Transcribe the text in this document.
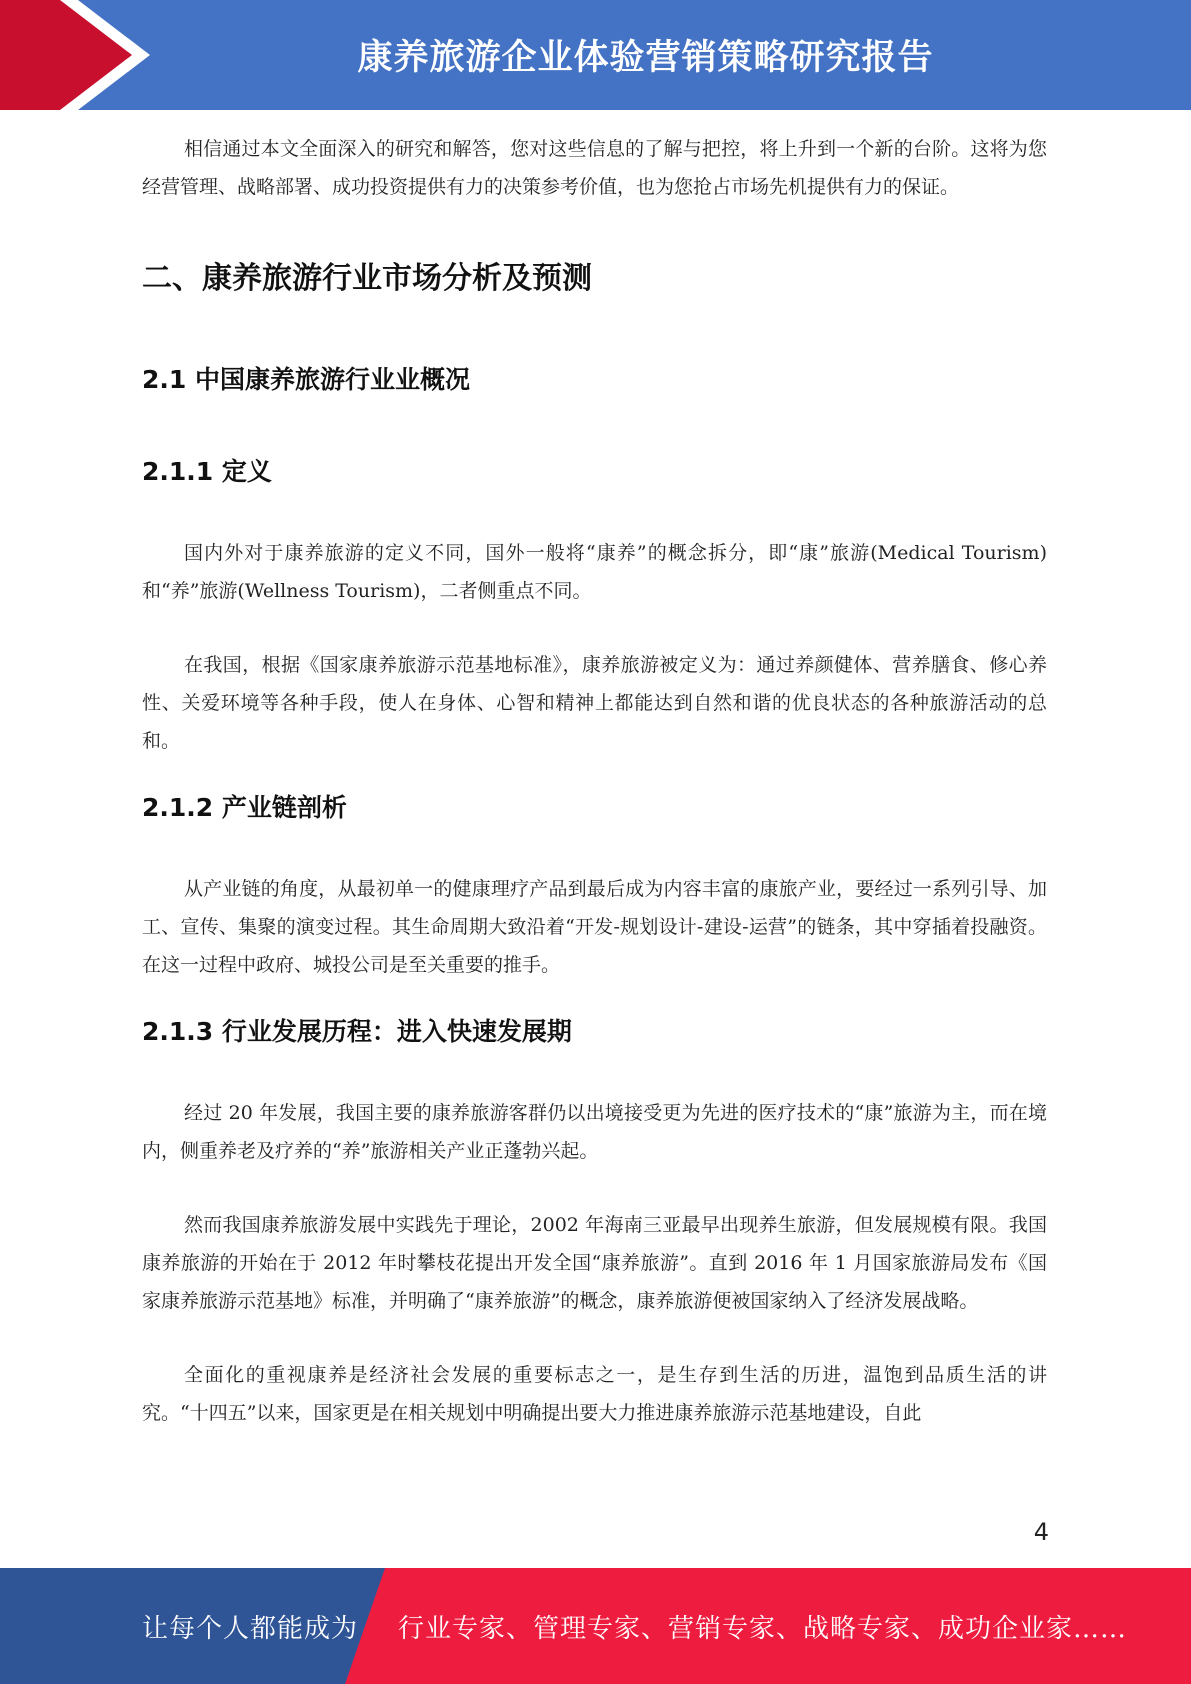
康养旅游企业体验营销策略研究报告

相信通过本文全面深入的研究和解答，您对这些信息的了解与把控，将上升到一个新的台阶。这将为您经营管理、战略部署、成功投资提供有力的决策参考价值，也为您抢占市场先机提供有力的保证。

二、康养旅游行业市场分析及预测
2.1 中国康养旅游行业业概况
2.1.1 定义

国内外对于康养旅游的定义不同，国外一般将“康养”的概念拆分，即“康”旅游(Medical Tourism)和“养”旅游(Wellness Tourism)，二者侧重点不同。

在我国，根据《国家康养旅游示范基地标准》，康养旅游被定义为：通过养颜健体、营养膳食、修心养性、关爱环境等各种手段，使人在身体、心智和精神上都能达到自然和谐的优良状态的各种旅游活动的总和。

2.1.2 产业链剖析

从产业链的角度，从最初单一的健康理疗产品到最后成为内容丰富的康旅产业，要经过一系列引导、加工、宣传、集聚的演变过程。其生命周期大致沿着“开发-规划设计-建设-运营”的链条，其中穿插着投融资。在这一过程中政府、城投公司是至关重要的推手。

2.1.3 行业发展历程：进入快速发展期

经过 20 年发展，我国主要的康养旅游客群仍以出境接受更为先进的医疗技术的“康”旅游为主，而在境内，侧重养老及疗养的“养”旅游相关产业正蓬勃兴起。

然而我国康养旅游发展中实践先于理论，2002 年海南三亚最早出现养生旅游，但发展规模有限。我国康养旅游的开始在于 2012 年时攀枝花提出开发全国“康养旅游”。直到 2016 年 1 月国家旅游局发布《国家康养旅游示范基地》标准，并明确了“康养旅游”的概念，康养旅游便被国家纳入了经济发展战略。

全面化的重视康养是经济社会发展的重要标志之一，是生存到生活的历进，温饱到品质生活的讲究。“十四五”以来，国家更是在相关规划中明确提出要大力推进康养旅游示范基地建设，自此

4
让每个人都能成为 行业专家、管理专家、营销专家、战略专家、成功企业家……
